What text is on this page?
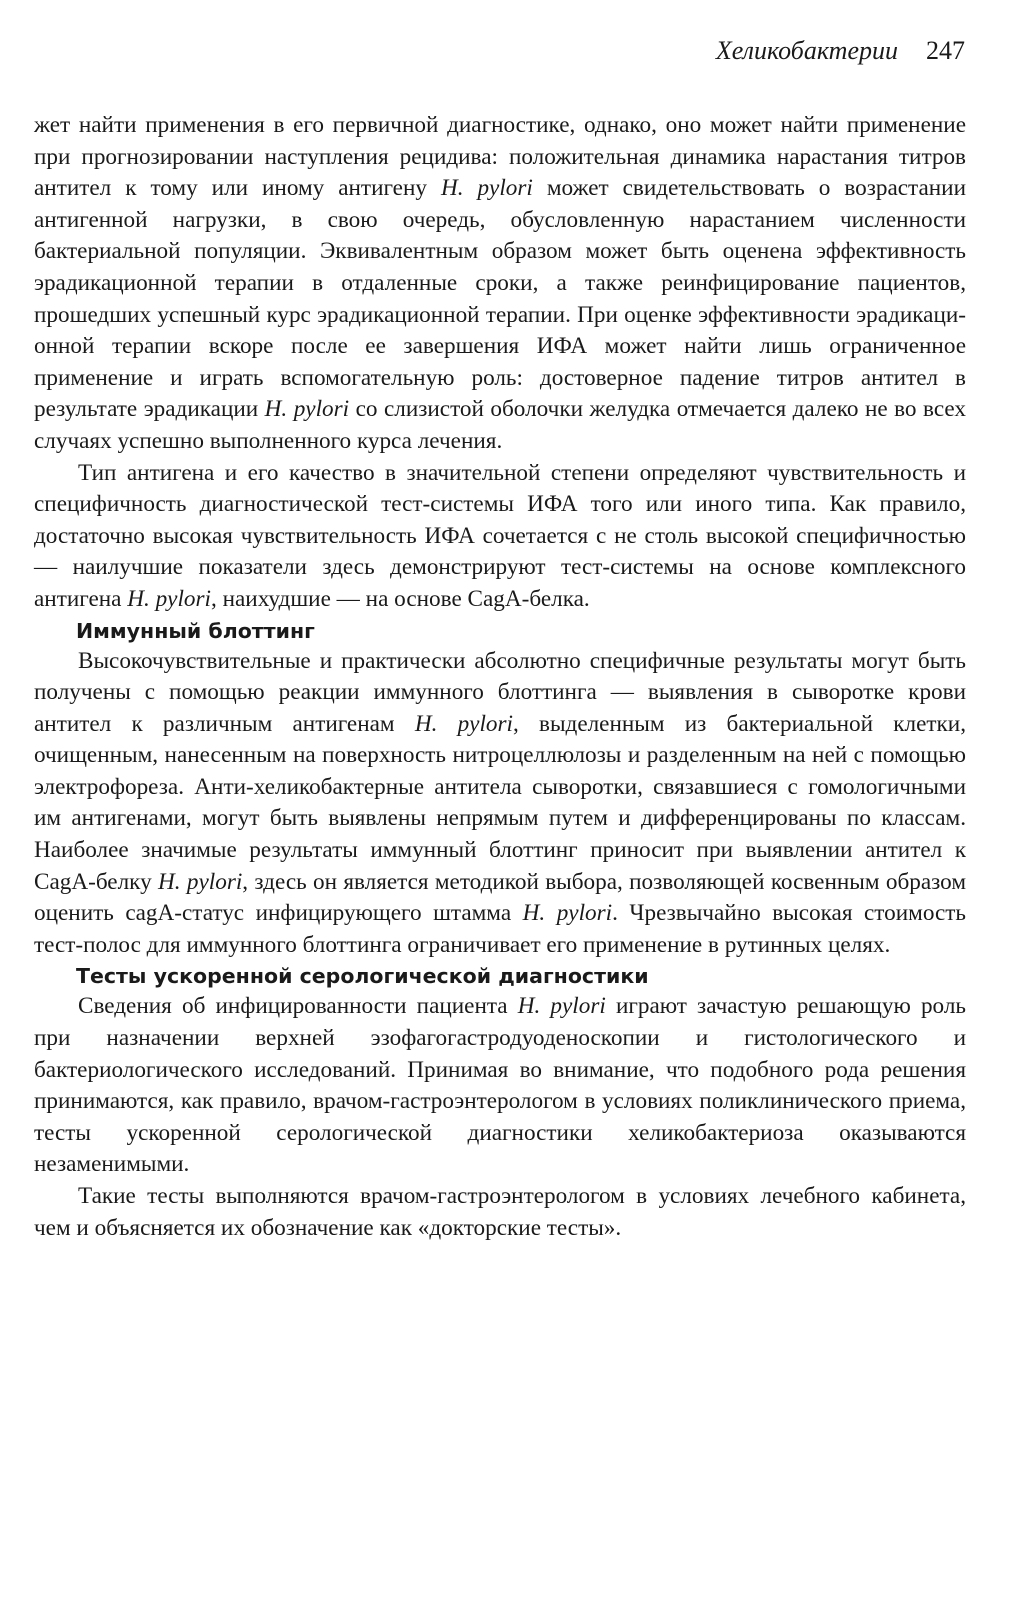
Хеликобактерии 247

жет найти применения в его первичной диагностике, однако, оно может найти применение при прогнозировании наступления рецидива: положительная динамика нарастания титров антител к тому или иному антигену H. pylori может свидетельствовать о возрастании антигенной нагрузки, в свою очередь, обусловленную нарастанием численности бактериальной популяции. Эквивалентным образом может быть оценена эффективность эрадикационной терапии в отдаленные сроки, а также реинфицирование пациентов, прошедших успешный курс эрадикационной терапии. При оценке эффективности эрадикаци-онной терапии вскоре после ее завершения ИФА может найти лишь ограниченное применение и играть вспомогательную роль: достоверное падение титров антител в результате эрадикации H. pylori со слизистой оболочки желудка отмечается далеко не во всех случаях успешно выполненного курса лечения.

Тип антигена и его качество в значительной степени определяют чувствительность и специфичность диагностической тест-системы ИФА того или иного типа. Как правило, достаточно высокая чувствительность ИФА сочетается с не столь высокой специфичностью — наилучшие показатели здесь демонстрируют тест-системы на основе комплексного антигена H. pylori, наихудшие — на основе CagA-белка.

Иммунный блоттинг

Высокочувствительные и практически абсолютно специфичные результаты могут быть получены с помощью реакции иммунного блоттинга — выявления в сыворотке крови антител к различным антигенам H. pylori, выделенным из бактериальной клетки, очищенным, нанесенным на поверхность нитроцеллюлозы и разделенным на ней с помощью электрофореза. Анти-хеликобактерные антитела сыворотки, связавшиеся с гомологичными им антигенами, могут быть выявлены непрямым путем и дифференцированы по классам. Наиболее значимые результаты иммунный блоттинг приносит при выявлении антител к CagA-белку H. pylori, здесь он является методикой выбора, позволяющей косвенным образом оценить cagA-статус инфицирующего штамма H. pylori. Чрезвычайно высокая стоимость тест-полос для иммунного блоттинга ограничивает его применение в рутинных целях.

Тесты ускоренной серологической диагностики

Сведения об инфицированности пациента H. pylori играют зачастую решающую роль при назначении верхней эзофагогастродуоденоскопии и гистологического и бактериологического исследований. Принимая во внимание, что подобного рода решения принимаются, как правило, врачом-гастроэнтерологом в условиях поликлинического приема, тесты ускоренной серологической диагностики хеликобактериоза оказываются незаменимыми.

Такие тесты выполняются врачом-гастроэнтерологом в условиях лечебного кабинета, чем и объясняется их обозначение как «докторские тесты».
